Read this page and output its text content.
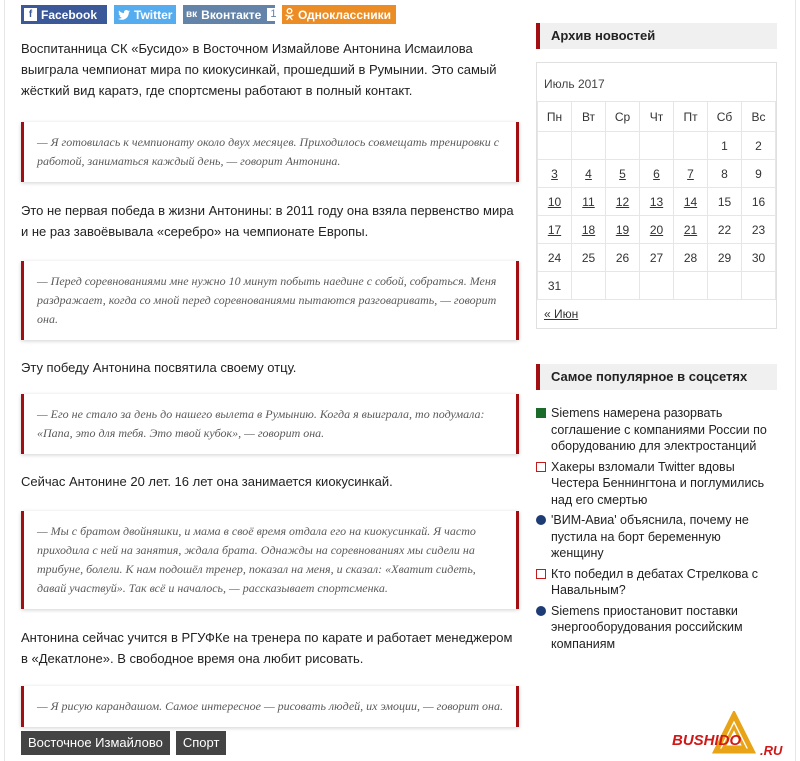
f Facebook	Twitter вк Вконтакте 1 Одноклассники

Воспитанница СК «Бусидо» в Восточном Измайлове Антонина Исмаилова выиграла чемпионат мира по киокусинкай, прошедший в Румынии. Это самый жёсткий вид каратэ, где спортсмены работают в полный контакт.

— Я готовилась к чемпионату около двух месяцев. Приходилось совмещать тренировки с работой, заниматься каждый день, — говорит Антонина.

Это не первая победа в жизни Антонины: в 2011 году она взяла первенство мира и не раз завоёвывала «серебро» на чемпионате Европы.

— Перед соревнованиями мне нужно 10 минут побыть наедине с собой, собраться. Меня раздражает, когда со мной перед соревнованиями пытаются разговаривать, — говорит она.

Эту победу Антонина посвятила своему отцу.

— Его не стало за день до нашего вылета в Румынию. Когда я выиграла, то подумала: «Папа, это для тебя. Это твой кубок», — говорит она.

Сейчас Антонине 20 лет. 16 лет она занимается киокусинкай.

— Мы с братом двойняшки, и мама в своё время отдала его на киокусинкай. Я часто приходила с ней на занятия, ждала брата. Однажды на соревнованиях мы сидели на трибуне, болели. К нам подошёл тренер, показал на меня, и сказал: «Хватит сидеть, давай участвуй». Так всё и началось, — рассказывает спортсменка.

Антонина сейчас учится в РГУФКе на тренера по карате и работает менеджером в «Декатлоне». В свободное время она любит рисовать.

— Я рисую карандашом. Самое интересное — рисовать людей, их эмоции, — говорит она.
Восточное Измайлово	Спорт
Архив новостей
Июль 2017
Пн	Вт	Ср	Чт	Пт	Сб	Вс
					1	2
3	4	5	6	7	8	9
10	11	12	13	14	15	16
17	18	19	20	21	22	23
24	25	26	27	28	29	30
31						
« Июн
Самое популярное в соцсетях
Siemens намерена разорвать соглашение с компаниями России по оборудованию для электростанций
л Хакеры взломали Twitter вдовы Честера Беннингтона и поглумились над его смертью
'ВИМ-Авиа' объяснила, почему не пустила на борт беременную женщину
л Кто победил в дебатах Стрелкова с Навальным?
Siemens приостановит поставки энергооборудования российским компаниям
BUSHIDO
.RU
